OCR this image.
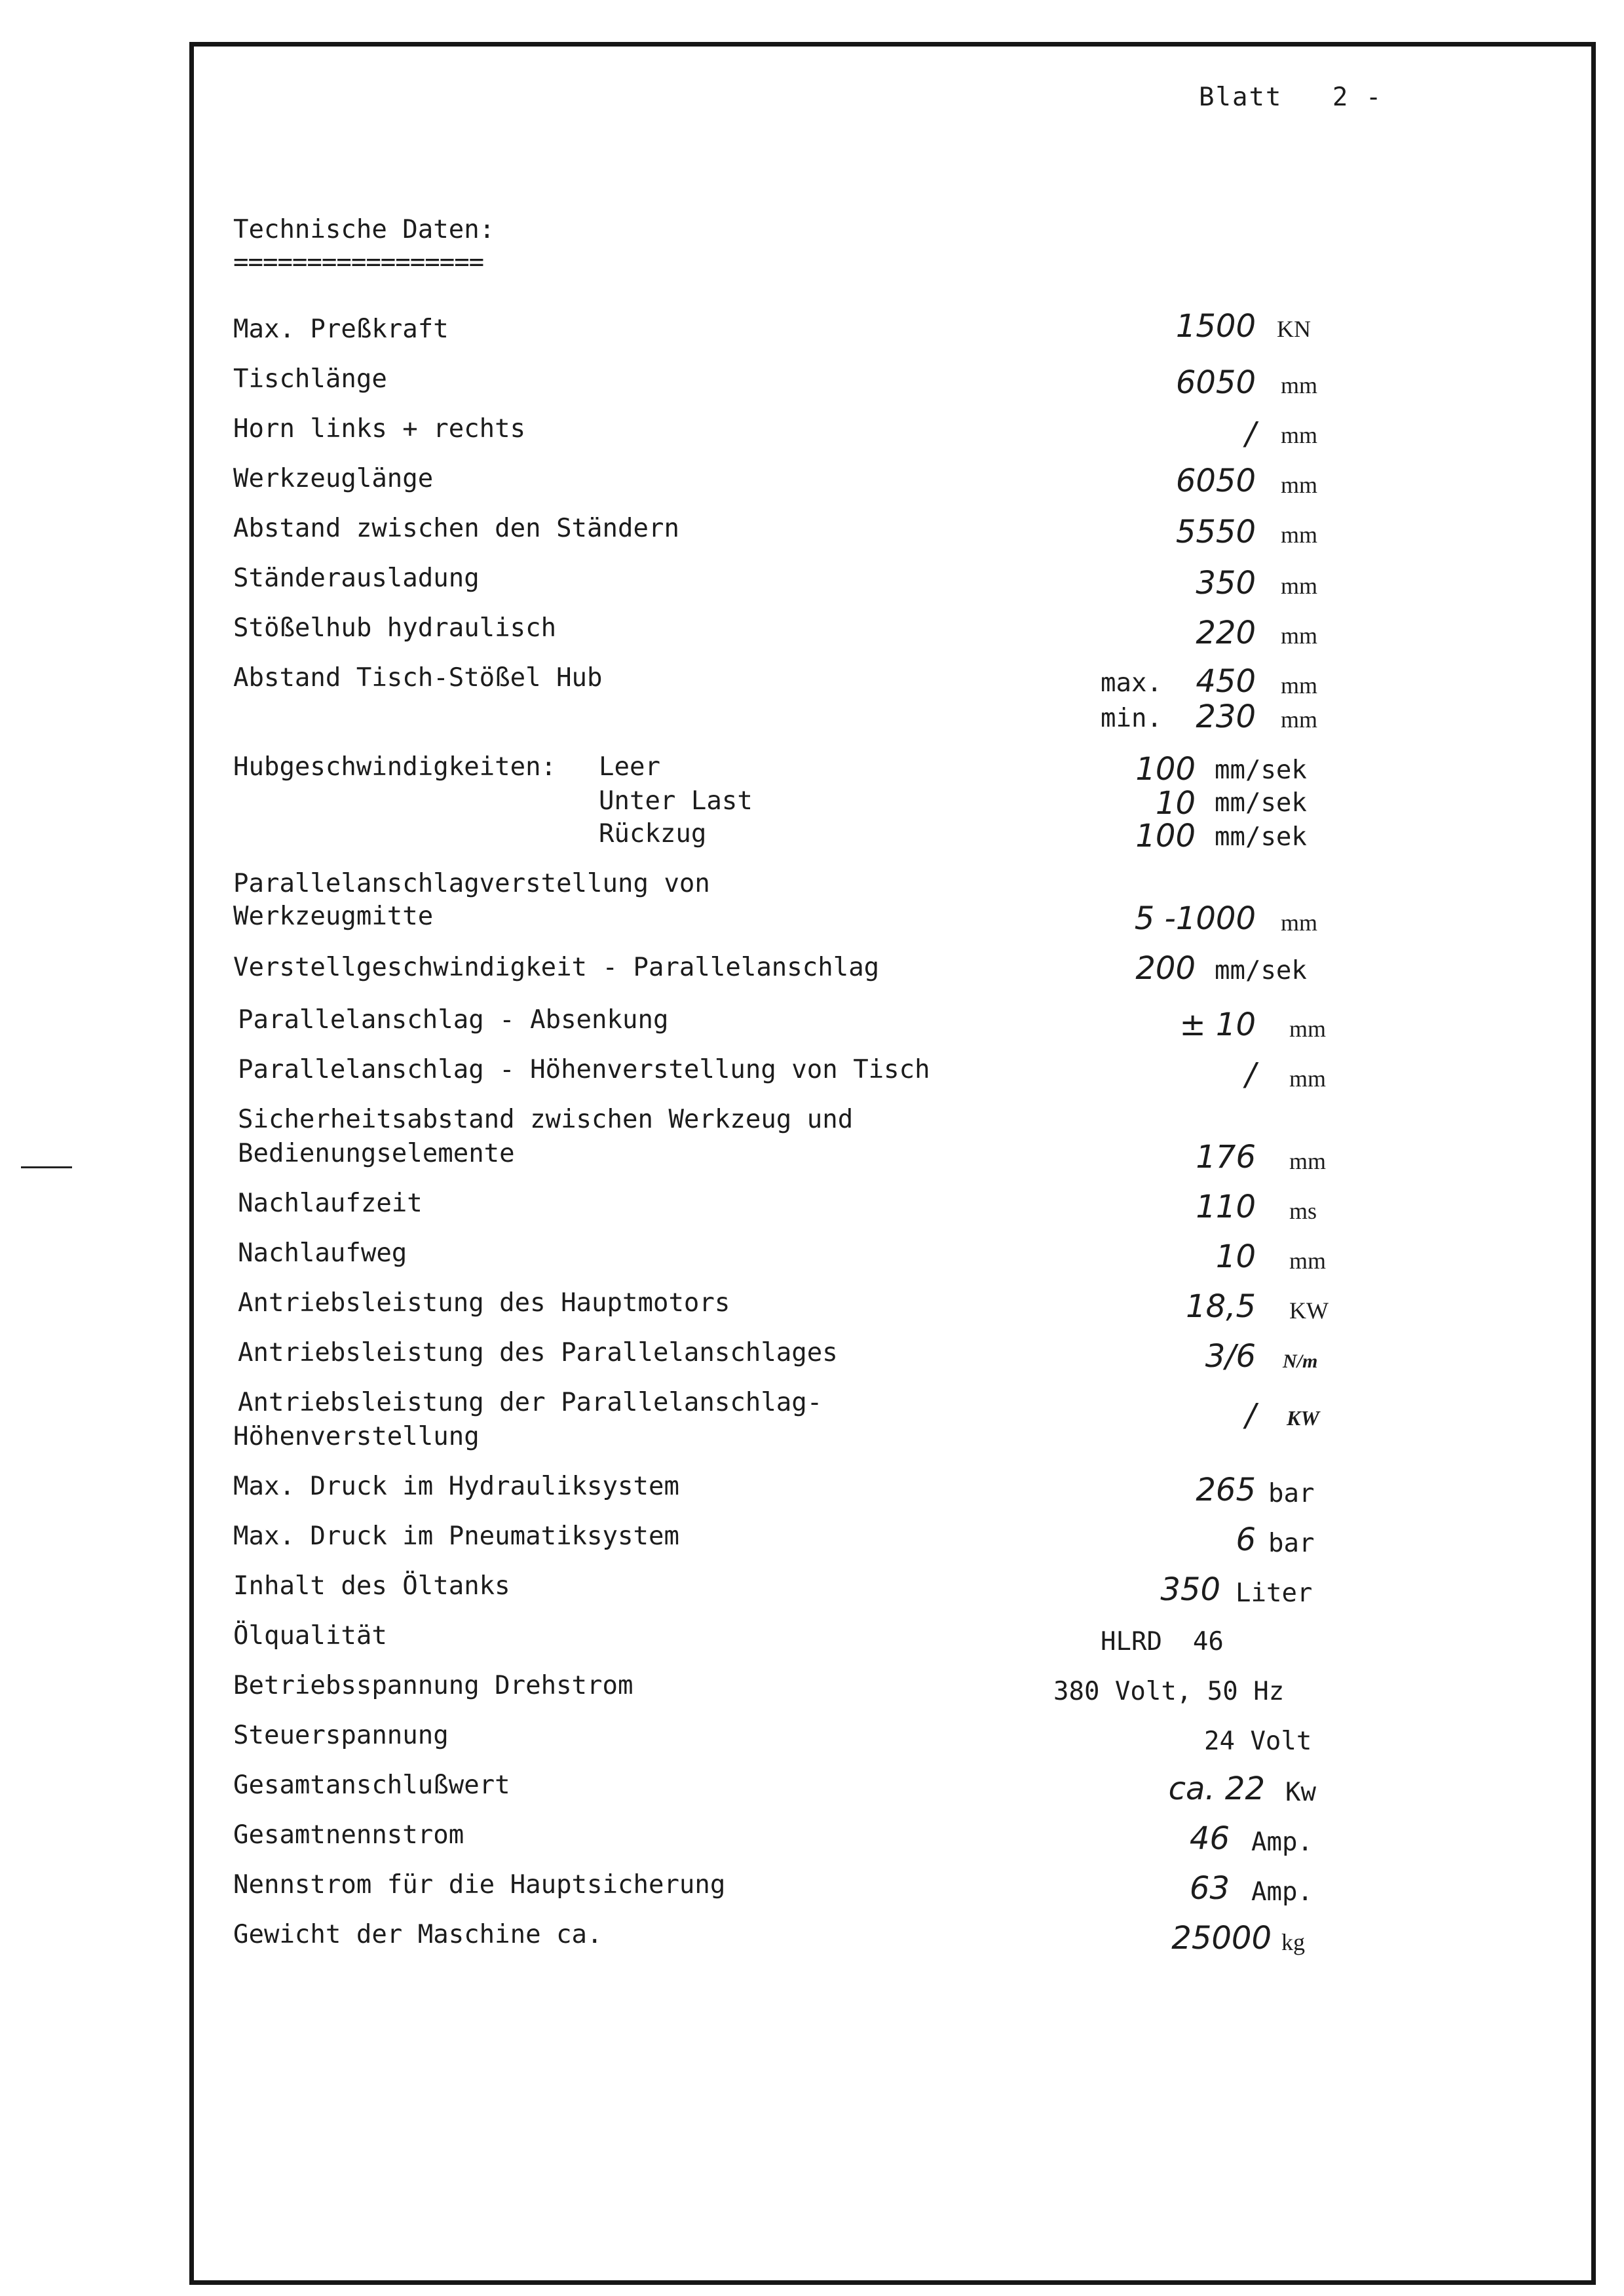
Blatt 2 -
Technische Daten:
=================
Max. Preßkraft	1500 KN
Tischlänge	6050 mm
Horn links + rechts	/ mm
Werkzeuglänge	6050 mm
Abstand zwischen den Ständern	5550 mm
Ständerausladung	350 mm
Stößelhub hydraulisch	220 mm
Abstand Tisch-Stößel Hub	max. 450 mm
min. 230 mm
Hubgeschwindigkeiten: Leer	100 mm/sek
Unter Last	10 mm/sek
Rückzug	100 mm/sek
Parallelanschlagverstellung von
Werkzeugmitte	5 -1000 mm
Verstellgeschwindigkeit - Parallelanschlag	200 mm/sek
Parallelanschlag - Absenkung	± 10 mm
Parallelanschlag - Höhenverstellung von Tisch	/ mm
Sicherheitsabstand zwischen Werkzeug und
Bedienungselemente	176 mm
Nachlaufzeit	110 ms
Nachlaufweg	10 mm
Antriebsleistung des Hauptmotors	18,5 KW
Antriebsleistung des Parallelanschlages	3/6 N/m
Antriebsleistung der Parallelanschlag-
Höhenverstellung
/ KW
Max. Druck im Hydrauliksystem	265 bar
Max. Druck im Pneumatiksystem	6 bar
Inhalt des Öltanks	350 Liter
Ölqualität	HLRD  46
Betriebsspannung Drehstrom	380 Volt, 50 Hz
Steuerspannung	24 Volt
Gesamtanschlußwert	ca. 22 Kw
Gesamtnennstrom	46 Amp.
Nennstrom für die Hauptsicherung	63 Amp.
Gewicht der Maschine ca.	25000 kg
